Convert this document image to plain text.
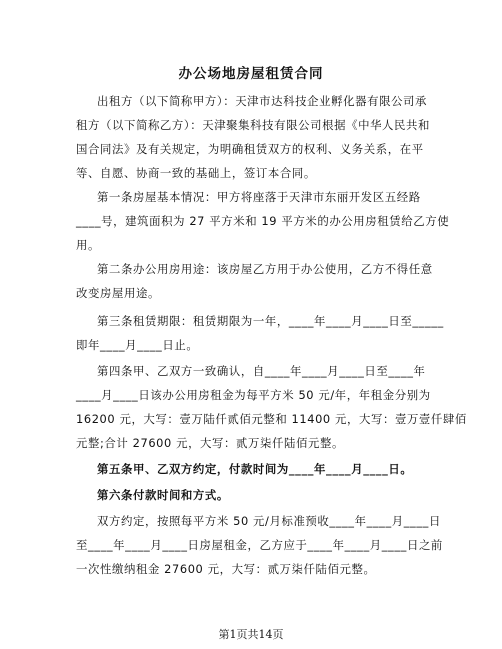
办公场地房屋租赁合同
出租方（以下简称甲方）：天津市达科技企业孵化器有限公司承
租方（以下简称乙方）：天津聚集科技有限公司根据《中华人民共和
国合同法》及有关规定，为明确租赁双方的权利、义务关系，在平
等、自愿、协商一致的基础上，签订本合同。
第一条房屋基本情况：甲方将座落于天津市东丽开发区五经路
____号，建筑面积为 27 平方米和 19 平方米的办公用房租赁给乙方使
用。
第二条办公用房用途：该房屋乙方用于办公使用，乙方不得任意
改变房屋用途。
第三条租赁期限：租赁期限为一年，____年____月____日至_____
即年____月____日止。
第四条甲、乙双方一致确认，自____年____月____日至____年
____月____日该办公用房租金为每平方米 50 元/年，年租金分别为
16200 元，大写：壹万陆仟贰佰元整和 11400 元，大写：壹万壹仟肆佰
元整;合计 27600 元，大写：贰万柒仟陆佰元整。
第五条甲、乙双方约定，付款时间为____年____月____日。
第六条付款时间和方式。
双方约定，按照每平方米 50 元/月标准预收____年____月____日
至____年____月____日房屋租金，乙方应于____年____月____日之前
一次性缴纳租金 27600 元，大写：贰万柒仟陆佰元整。
第1页共14页
